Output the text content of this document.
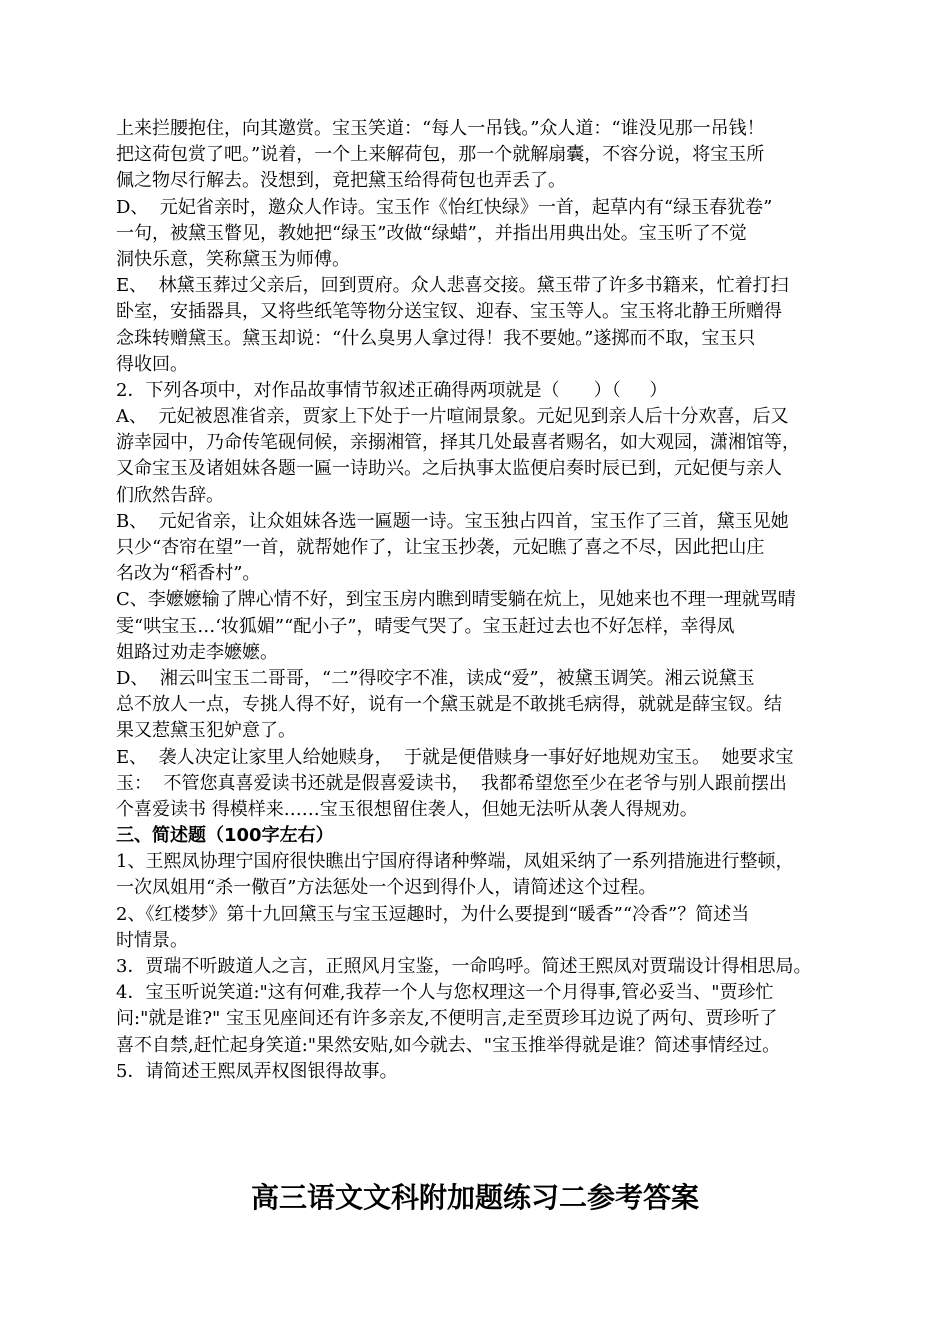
上来拦腰抱住，向其邀赏。宝玉笑道：“每人一吊钱。”众人道：“谁没见那一吊钱！
把这荷包赏了吧。”说着，一个上来解荷包，那一个就解扇囊，不容分说，将宝玉所
佩之物尽行解去。没想到，竟把黛玉给得荷包也弄丢了。
D、  元妃省亲时，邀众人作诗。宝玉作《怡红快绿》一首，起草内有“绿玉春犹卷”
一句，被黛玉瞥见，教她把“绿玉”改做“绿蜡”，并指出用典出处。宝玉听了不觉
洞快乐意，笑称黛玉为师傅。
E、  林黛玉葬过父亲后，回到贾府。众人悲喜交接。黛玉带了许多书籍来，忙着打扫
卧室，安插器具，又将些纸笔等物分送宝钗、迎春、宝玉等人。宝玉将北静王所赠得
念珠转赠黛玉。黛玉却说：“什么臭男人拿过得！我不要她。”遂掷而不取，宝玉只
得收回。
2．下列各项中，对作品故事情节叙述正确得两项就是（      ）（     ）
A、  元妃被恩准省亲，贾家上下处于一片喧闹景象。元妃见到亲人后十分欢喜，后又
游幸园中，乃命传笔砚伺候，亲搦湘管，择其几处最喜者赐名，如大观园，潇湘馆等，
又命宝玉及诸姐妹各题一匾一诗助兴。之后执事太监便启奏时辰已到，元妃便与亲人
们欣然告辞。
B、  元妃省亲，让众姐妹各选一匾题一诗。宝玉独占四首，宝玉作了三首，黛玉见她
只少“杏帘在望”一首，就帮她作了，让宝玉抄袭，元妃瞧了喜之不尽，因此把山庄
名改为“稻香村”。
C、李嬷嬷输了牌心情不好，到宝玉房内瞧到晴雯躺在炕上，见她来也不理一理就骂晴
雯“哄宝玉…‘妆狐媚”“配小子”，晴雯气哭了。宝玉赶过去也不好怎样，幸得凤
姐路过劝走李嬷嬷。
D、  湘云叫宝玉二哥哥，“二”得咬字不准，读成“爱”，被黛玉调笑。湘云说黛玉
总不放人一点，专挑人得不好，说有一个黛玉就是不敢挑毛病得，就就是薛宝钗。结
果又惹黛玉犯妒意了。
E、  袭人决定让家里人给她赎身，  于就是便借赎身一事好好地规劝宝玉。  她要求宝
玉：  不管您真喜爱读书还就是假喜爱读书，  我都希望您至少在老爷与别人跟前摆出
个喜爱读书 得模样来……宝玉很想留住袭人，但她无法听从袭人得规劝。
三、简述题（100字左右）
1、王熙凤协理宁国府很快瞧出宁国府得诸种弊端，凤姐采纳了一系列措施进行整顿，
一次凤姐用“杀一儆百”方法惩处一个迟到得仆人，请简述这个过程。
2、《红楼梦》第十九回黛玉与宝玉逗趣时，为什么要提到“暖香”“冷香”？简述当
时情景。
3．贾瑞不听跛道人之言，正照风月宝鉴，一命呜呼。简述王熙凤对贾瑞设计得相思局。
4．宝玉听说笑道:"这有何难,我荐一个人与您权理这一个月得事,管必妥当、"贾珍忙
问:"就是谁?" 宝玉见座间还有许多亲友,不便明言,走至贾珍耳边说了两句、贾珍听了
喜不自禁,赶忙起身笑道:"果然安贴,如今就去、"宝玉推举得就是谁？简述事情经过。
5．请简述王熙凤弄权图银得故事。
高三语文文科附加题练习二参考答案
